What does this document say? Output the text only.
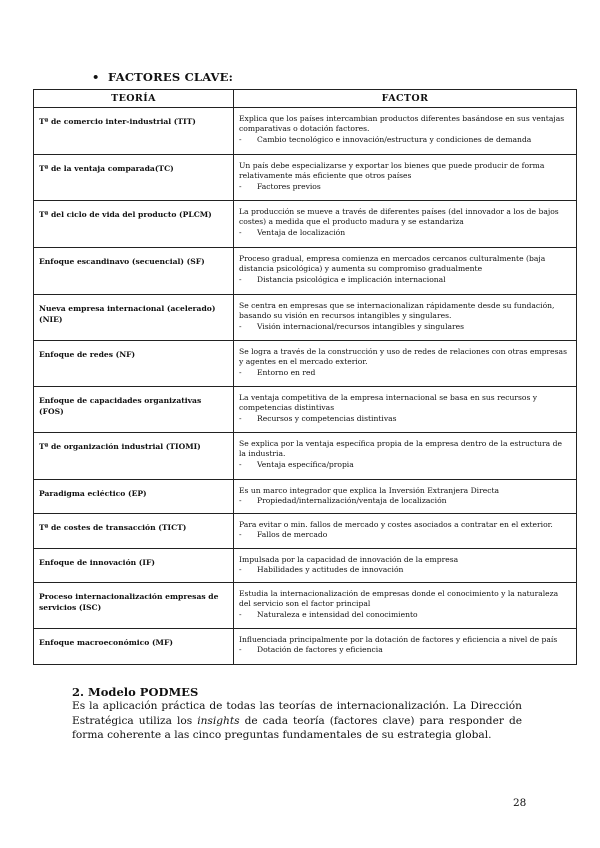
• FACTORES CLAVE:
TEORÍA	FACTOR
Tª de comercio inter-industrial (TIT)	Explica que los países intercambian productos diferentes basándose en sus ventajas comparativas o dotación factores.
- Cambio tecnológico e innovación/estructura y condiciones de demanda

Tª de la ventaja comparada(TC)	Un país debe especializarse y exportar los bienes que puede producir de forma relativamente más eficiente que otros países
- Factores previos

Tª del ciclo de vida del producto (PLCM)	La producción se mueve a través de diferentes países (del innovador a los de bajos costes) a medida que el producto madura y se estandariza
- Ventaja de localización

Enfoque escandinavo (secuencial) (SF)	Proceso gradual, empresa comienza en mercados cercanos culturalmente (baja distancia psicológica) y aumenta su compromiso gradualmente
- Distancia psicológica e implicación internacional

Nueva empresa internacional (acelerado) (NIE)	Se centra en empresas que se internacionalizan rápidamente desde su fundación, basando su visión en recursos intangibles y singulares.
- Visión internacional/recursos intangibles y singulares

Enfoque de redes (NF)	Se logra a través de la construcción y uso de redes de relaciones con otras empresas y agentes en el mercado exterior.
- Entorno en red

Enfoque de capacidades organizativas (FOS)	La ventaja competitiva de la empresa internacional se basa en sus recursos y competencias distintivas
- Recursos y competencias distintivas

Tª de organización industrial (TIOMI)	Se explica por la ventaja específica propia de la empresa dentro de la estructura de la industria.
- Ventaja específica/propia

Paradigma ecléctico (EP)	Es un marco integrador que explica la Inversión Extranjera Directa
- Propiedad/internalización/ventaja de localización

Tª de costes de transacción (TICT)	Para evitar o min. fallos de mercado y costes asociados a contratar en el exterior.
- Fallos de mercado

Enfoque de innovación (IF)	Impulsada por la capacidad de innovación de la empresa
- Habilidades y actitudes de innovación

Proceso internacionalización empresas de servicios (ISC)	Estudia la internacionalización de empresas donde el conocimiento y la naturaleza del servicio son el factor principal
- Naturaleza e intensidad del conocimiento

Enfoque macroeconómico (MF)	Influenciada principalmente por la dotación de factores y eficiencia a nivel de país
- Dotación de factores y eficiencia
2. Modelo PODMES
Es la aplicación práctica de todas las teorías de internacionalización. La Dirección Estratégica utiliza los insights de cada teoría (factores clave) para responder de forma coherente a las cinco preguntas fundamentales de su estrategia global.
28
